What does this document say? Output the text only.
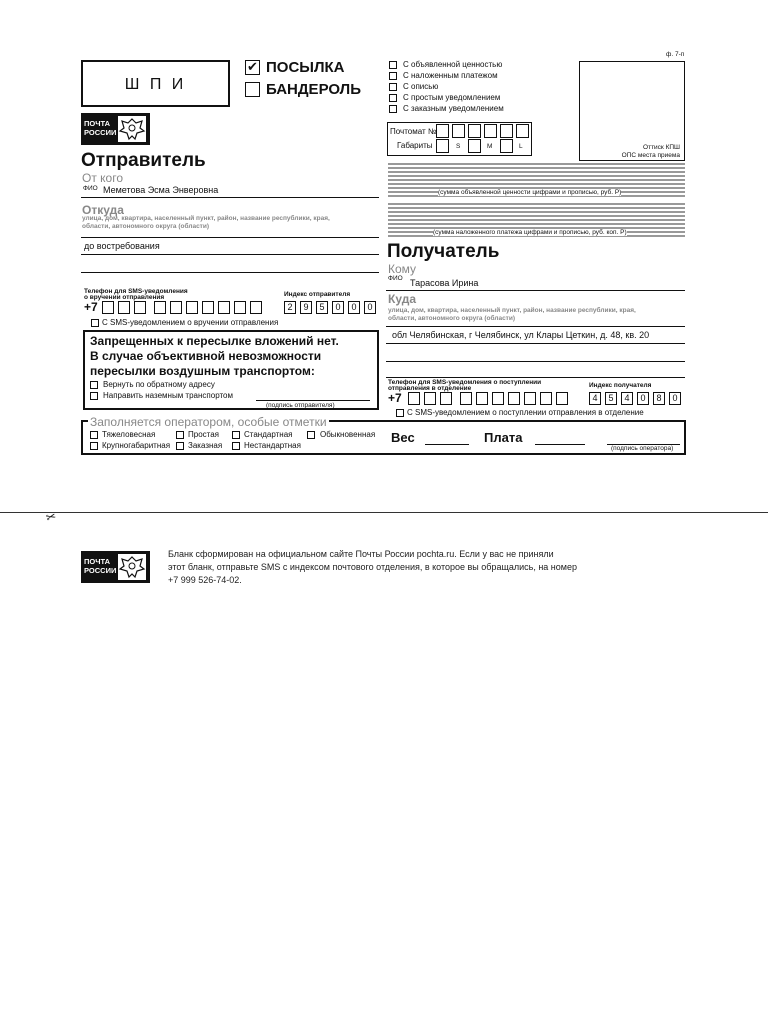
Ш П И
✔ ПОСЫЛКА
БАНДЕРОЛЬ
С объявленной ценностью
С наложенным платежом
С описью
С простым уведомлением
С заказным уведомлением
ф. 7-п
Оттиск КПШ
ОПС места приема
Почтомат №
Габариты	S	M	L
(сумма объявленной ценности цифрами и прописью, руб. Р)
(сумма наложенного платежа цифрами и прописью, руб. коп. Р)
ПОЧТА
РОССИИ
Отправитель
От кого
ФИО Меметова Эсма Энверовна
Откуда
улица, дом, квартира, населенный пункт, район, название республики, края,
области, автономного округа (области)
до востребования
Телефон для SMS-уведомления
о вручении отправления
+7
Индекс отправителя
2	9	5	0	0	0
С SMS-уведомлением о вручении отправления
Запрещенных к пересылке вложений нет.
В случае объективной невозможности
пересылки воздушным транспортом:
Вернуть по обратному адресу
Направить наземным транспортом
(подпись отправителя)
Получатель
Кому
ФИО Тарасова Ирина
Куда
улица, дом, квартира, населенный пункт, район, название республики, края,
области, автономного округа (области)
обл Челябинская, г Челябинск, ул Клары Цеткин, д. 48, кв. 20
Телефон для SMS-уведомления о поступлении
отправления в отделение
+7
Индекс получателя
4	5	4	0	8	0
С SMS-уведомлением о поступлении отправления в отделение
Заполняется оператором, особые отметки
Тяжеловесная	Простая	Стандартная	Обыкновенная
Крупногабаритная Заказная	Нестандартная
Вес	Плата
(подпись оператора)
✂
ПОЧТА
РОССИИ
Бланк сформирован на официальном сайте Почты России pochta.ru. Если у вас не приняли
этот бланк, отправьте SMS с индексом почтового отделения, в которое вы обращались, на номер
+7 999 526-74-02.
